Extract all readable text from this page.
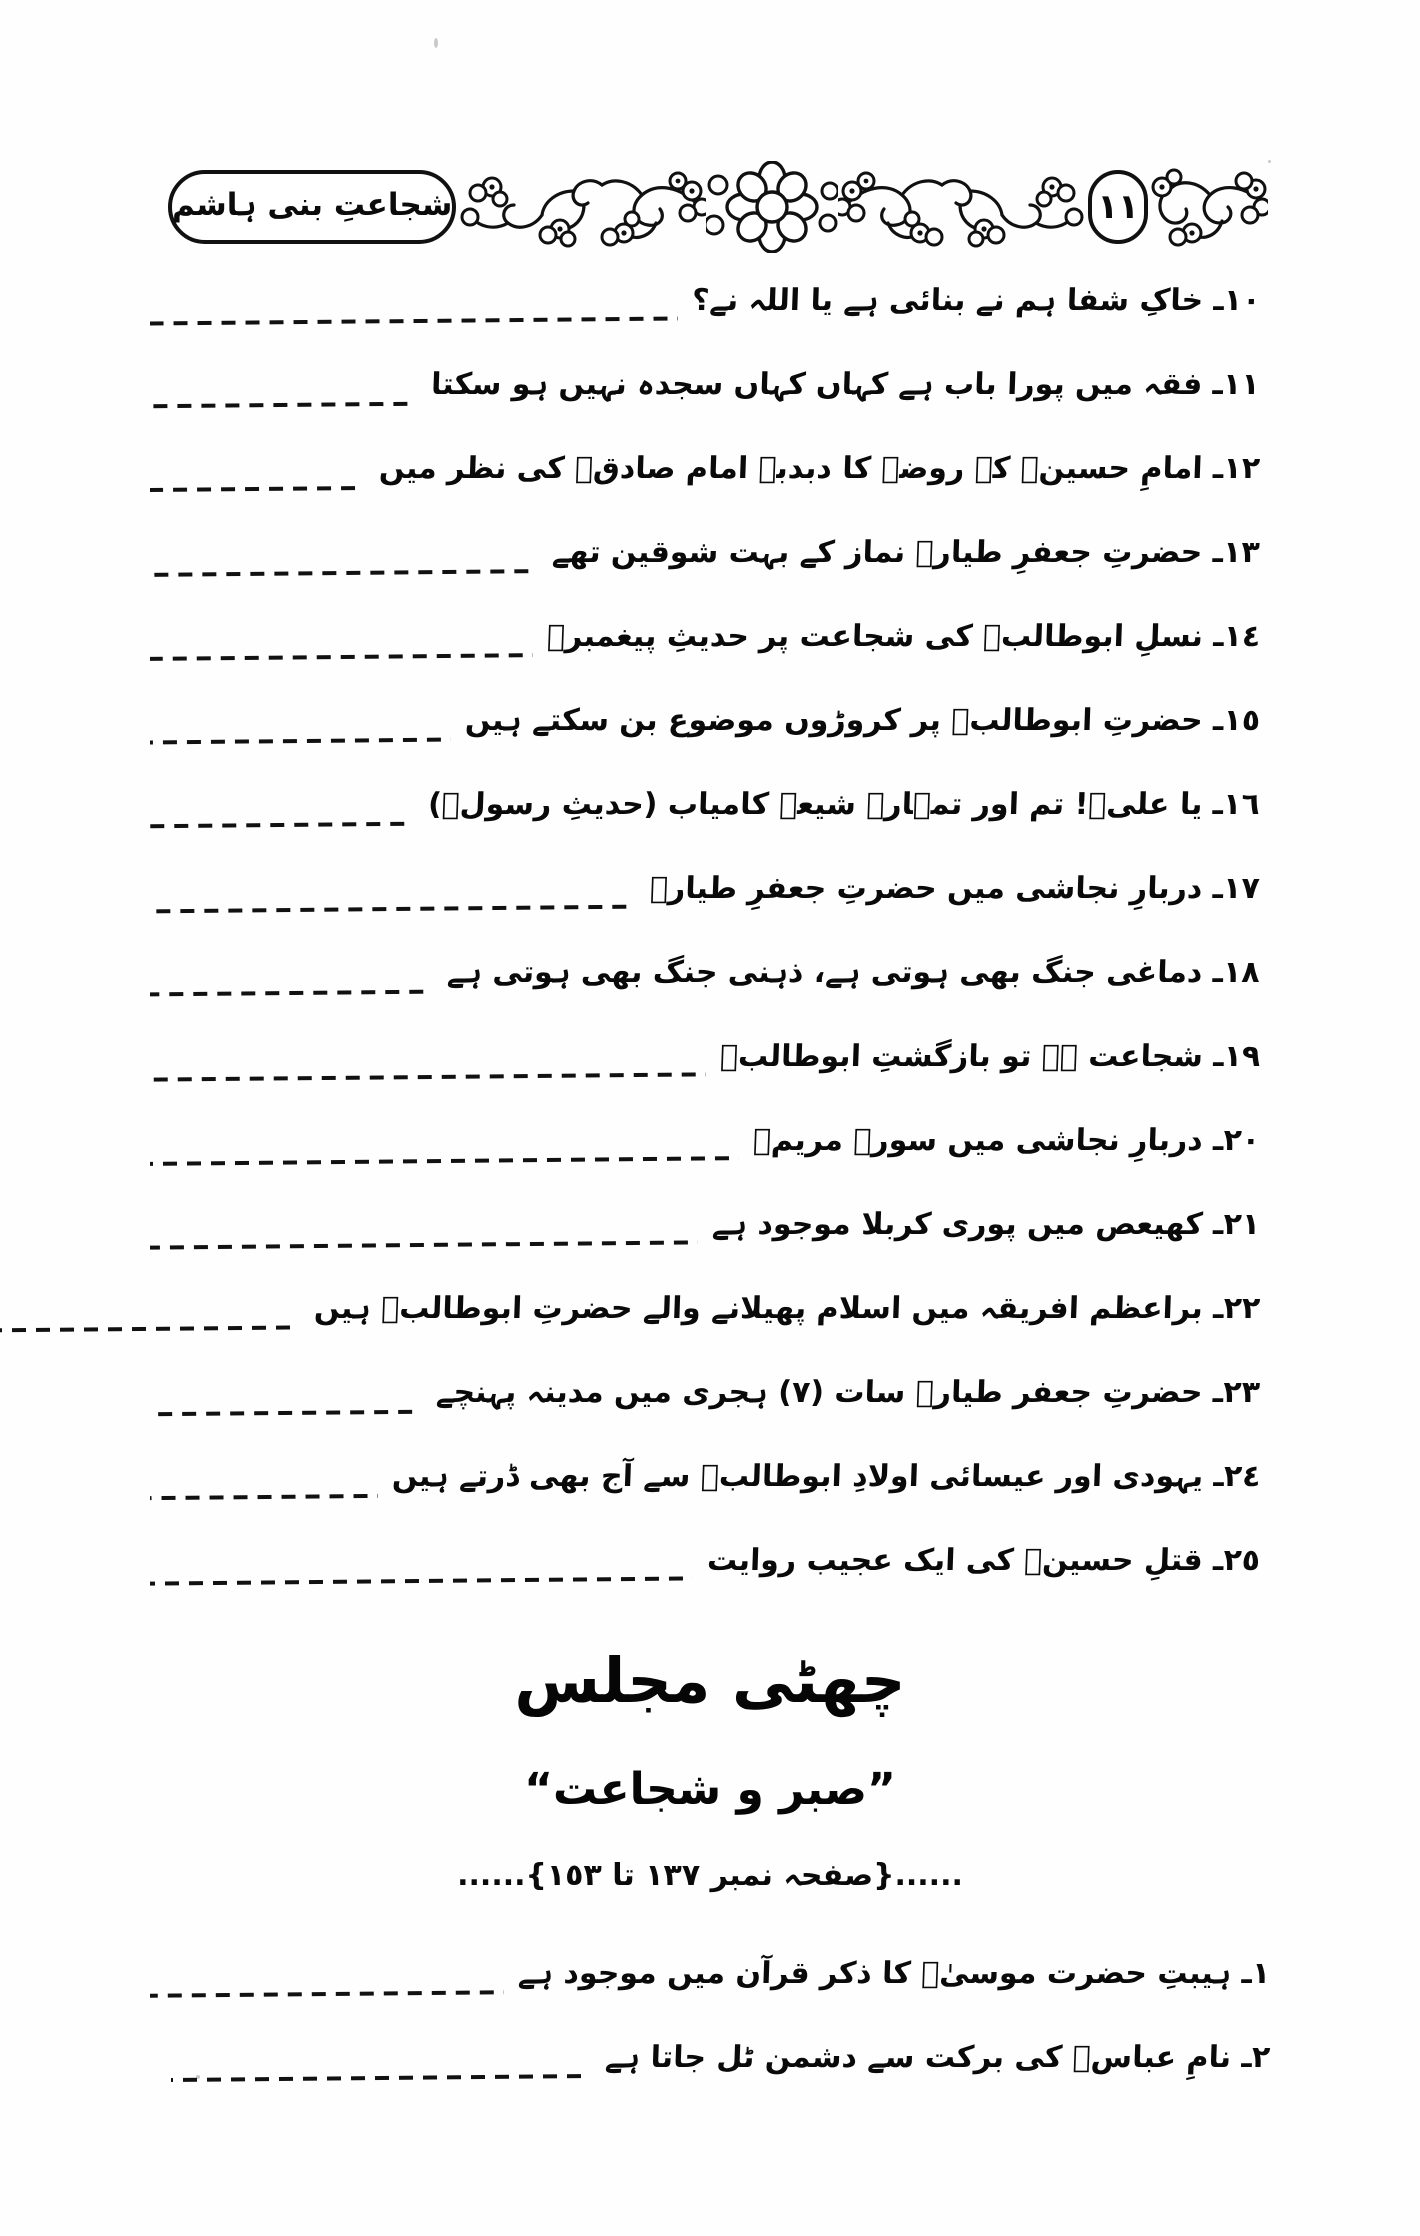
شجاعتِ بنی ہاشم	١١
١٠ـ خاکِ شفا ہم نے بنائی ہے یا اللہ نے؟
١١ـ فقہ میں پورا باب ہے کہاں کہاں سجدہ نہیں ہو سکتا
١٢ـ امامِ حسینؑ کے روضے کا دبدبہ امام صادقؑ کی نظر میں
١٣ـ حضرتِ جعفرِ طیارؑ نماز کے بہت شوقین تھے
١٤ـ نسلِ ابوطالبؑ کی شجاعت پر حدیثِ پیغمبرؐ
١٥ـ حضرتِ ابوطالبؑ پر کروڑوں موضوع بن سکتے ہیں
١٦ـ یا علیؑ! تم اور تمہارے شیعہ کامیاب (حدیثِ رسولؐ)
١٧ـ دربارِ نجاشی میں حضرتِ جعفرِ طیارؑ
١٨ـ دماغی جنگ بھی ہوتی ہے، ذہنی جنگ بھی ہوتی ہے
١٩ـ شجاعت ہے تو بازگشتِ ابوطالبؑ
٢٠ـ دربارِ نجاشی میں سورۂ مریمؑ
٢١ـ کھیعص میں پوری کربلا موجود ہے
٢٢ـ براعظم افریقہ میں اسلام پھیلانے والے حضرتِ ابوطالبؑ ہیں
٢٣ـ حضرتِ جعفر طیارؑ سات (٧) ہجری میں مدینہ پہنچے
٢٤ـ یہودی اور عیسائی اولادِ ابوطالبؑ سے آج بھی ڈرتے ہیں
٢٥ـ قتلِ حسینؑ کی ایک عجیب روایت
چھٹی مجلس
”صبر و شجاعت“
......{صفحہ نمبر ١٣٧ تا ١٥٣}......
١ـ ہیبتِ حضرت موسیٰؑ کا ذکر قرآن میں موجود ہے
٢ـ نامِ عباسؑ کی برکت سے دشمن ٹل جاتا ہے
